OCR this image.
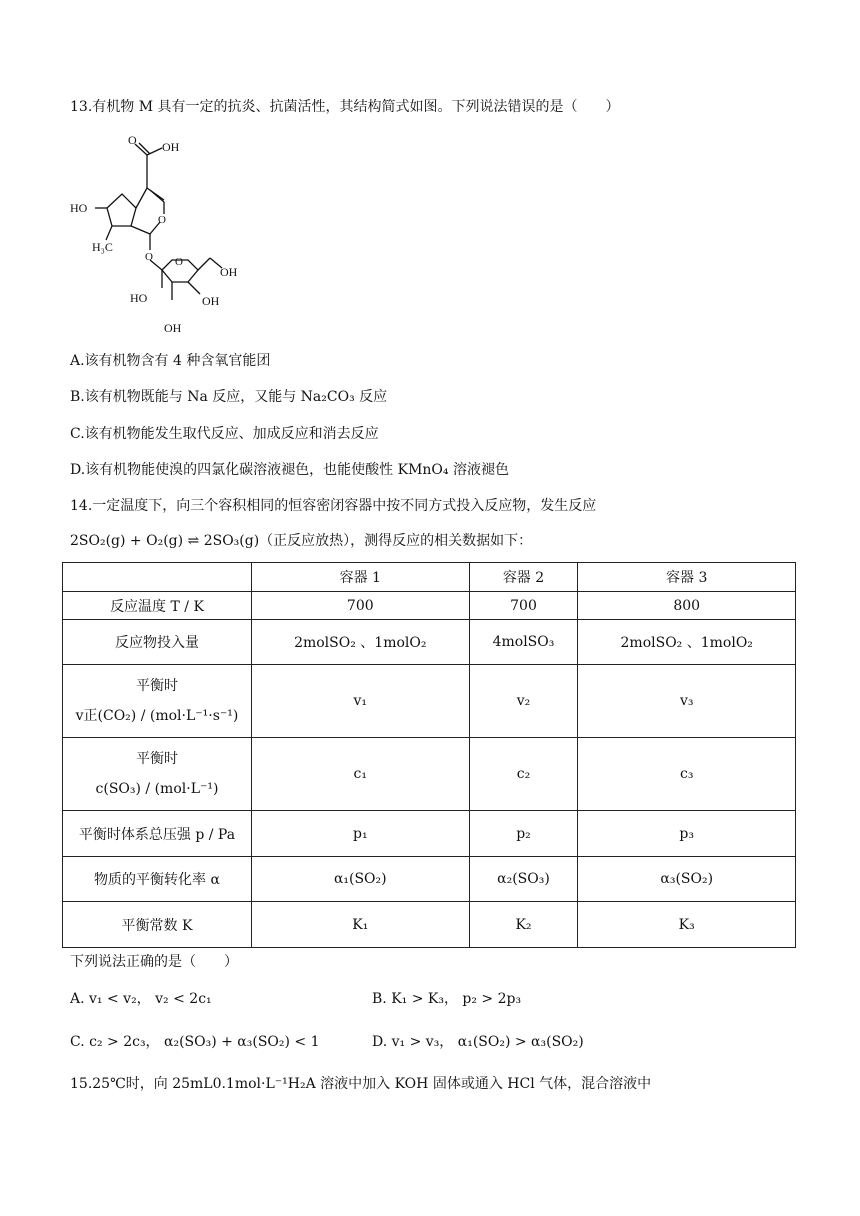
13.有机物 M 具有一定的抗炎、抗菌活性，其结构简式如图。下列说法错误的是（　　）
O OH
O
HO
H₃C
O O
OH
HO	OH
OH
A.该有机物含有 4 种含氧官能团
B.该有机物既能与 Na 反应，又能与 Na₂CO₃ 反应
C.该有机物能发生取代反应、加成反应和消去反应
D.该有机物能使溴的四氯化碳溶液褪色，也能使酸性 KMnO₄ 溶液褪色
14.一定温度下，向三个容积相同的恒容密闭容器中按不同方式投入反应物，发生反应
2SO₂(g) + O₂(g) ⇌ 2SO₃(g)（正反应放热），测得反应的相关数据如下：
	容器 1	容器 2	容器 3
反应温度 T / K	700	700	800
反应物投入量	2molSO₂ 、1molO₂	4molSO₃	2molSO₂ 、1molO₂

平衡时
v正(CO₂) / (mol·L⁻¹·s⁻¹)	v₁	v₂	v₃

平衡时
c(SO₃) / (mol·L⁻¹)	c₁	c₂	c₃
平衡时体系总压强 p / Pa	p₁	p₂	p₃
物质的平衡转化率 α	α₁(SO₂)	α₂(SO₃)	α₃(SO₂)
平衡常数 K	K₁	K₂	K₃
下列说法正确的是（　　）
A. v₁ < v₂， v₂ < 2c₁	B. K₁ > K₃， p₂ > 2p₃
C. c₂ > 2c₃， α₂(SO₃) + α₃(SO₂) < 1	D. v₁ > v₃， α₁(SO₂) > α₃(SO₂)
15.25℃时，向 25mL0.1mol·L⁻¹H₂A 溶液中加入 KOH 固体或通入 HCl 气体，混合溶液中
